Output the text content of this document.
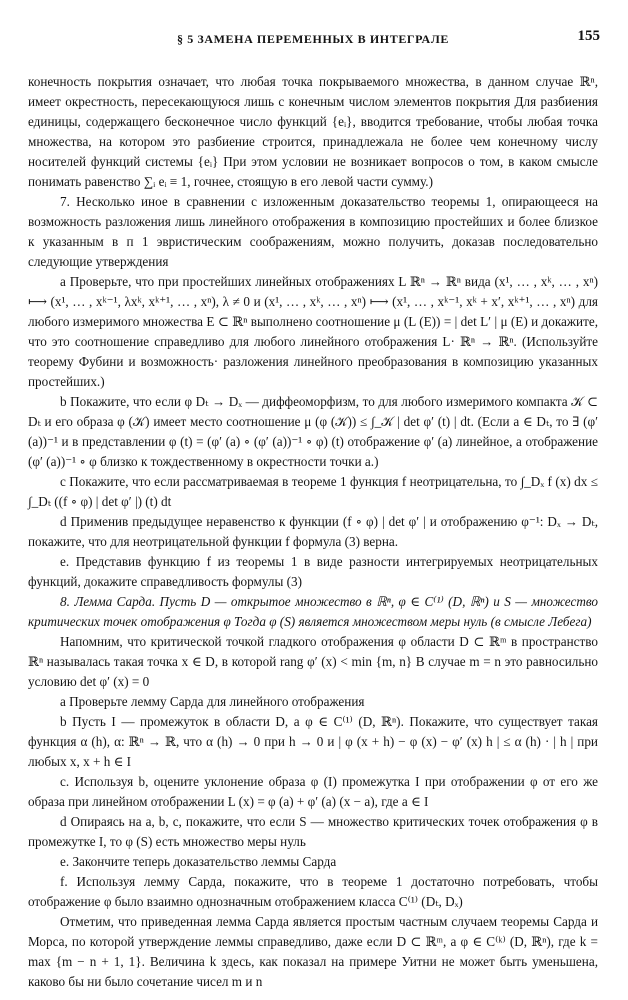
§ 5 ЗАМЕНА ПЕРЕМЕННЫХ В ИНТЕГРАЛЕ	155

конечность покрытия означает, что любая точка покрываемого множества, в данном случае ℝⁿ, имеет окрестность, пересекающуюся лишь с конечным числом элементов покрытия Для разбиения единицы, содержащего бесконечное число функций {eᵢ}, вводится требование, чтобы любая точка множества, на котором это разбиение строится, принадлежала не более чем конечному числу носителей функций системы {eᵢ} При этом условии не возникает вопросов о том, в каком смысле понимать равенство ∑ᵢ eᵢ ≡ 1, гочнее, стоящую в его левой части сумму.)

7. Несколько иное в сравнении с изложенным доказательство теоремы 1, опирающееся на возможность разложения лишь линейного отображения в композицию простейших и более близкое к указанным в п 1 эвристическим соображениям, можно получить, доказав последовательно следующие утверждения

a Проверьте, что при простейших линейных отображениях L ℝⁿ → ℝⁿ вида (x¹, … , xᵏ, … , xⁿ) ⟼ (x¹, … , xᵏ⁻¹, λxᵏ, xᵏ⁺¹, … , xⁿ), λ ≠ 0 и (x¹, … , xᵏ, … , xⁿ) ⟼ (x¹, … , xᵏ⁻¹, xᵏ + x′, xᵏ⁺¹, … , xⁿ) для любого измеримого множества E ⊂ ℝⁿ выполнено соотношение μ (L (E)) = | det L′ | μ (E) и докажите, что это соотношение справедливо для любого линейного отображения L· ℝⁿ → ℝⁿ. (Используйте теорему Фубини и возможность· разложения линейного преобразования в композицию указанных простейших.)

b Покажите, что если φ Dₜ → Dₓ — диффеоморфизм, то для любого измеримого компакта 𝒦 ⊂ Dₜ и его образа φ (𝒦) имеет место соотношение μ (φ (𝒦)) ≤ ∫_𝒦 | det φ′ (t) | dt. (Если a ∈ Dₜ, то ∃ (φ′ (a))⁻¹ и в представлении φ (t) = (φ′ (a) ∘ (φ′ (a))⁻¹ ∘ φ) (t) отображение φ′ (a) линейное, а отображение (φ′ (a))⁻¹ ∘ φ близко к тождественному в окрестности точки a.)

c Покажите, что если рассматриваемая в теореме 1 функция f неотрицательна, то ∫_Dₓ f (x) dx ≤ ∫_Dₜ ((f ∘ φ) | det φ′ |) (t) dt

d Применив предыдущее неравенство к функции (f ∘ φ) | det φ′ | и отображению φ⁻¹: Dₓ → Dₜ, покажите, что для неотрицательной функции f формула (3) верна.

e. Представив функцию f из теоремы 1 в виде разности интегрируемых неотрицательных функций, докажите справедливость формулы (3)

8. Лемма Сарда. Пусть D — открытое множество в ℝⁿ, φ ∈ C⁽¹⁾ (D, ℝⁿ) и S — множество критических точек отображения φ Тогда φ (S) является множеством меры нуль (в смысле Лебега)

Напомним, что критической точкой гладкого отображения φ области D ⊂ ℝᵐ в пространство ℝⁿ называлась такая точка x ∈ D, в которой rang φ′ (x) < min {m, n} В случае m = n это равносильно условию det φ′ (x) = 0

a Проверьте лемму Сарда для линейного отображения

b Пусть I — промежуток в области D, а φ ∈ C⁽¹⁾ (D, ℝⁿ). Покажите, что существует такая функция α (h), α: ℝⁿ → ℝ, что α (h) → 0 при h → 0 и | φ (x + h) − φ (x) − φ′ (x) h | ≤ α (h) · | h | при любых x, x + h ∈ I

c. Используя b, оцените уклонение образа φ (I) промежутка I при отображении φ от его же образа при линейном отображении L (x) = φ (a) + φ′ (a) (x − a), где a ∈ I

d Опираясь на a, b, c, покажите, что если S — множество критических точек отображения φ в промежутке I, то φ (S) есть множество меры нуль

e. Закончите теперь доказательство леммы Сарда

f. Используя лемму Сарда, покажите, что в теореме 1 достаточно потребовать, чтобы отображение φ было взаимно однозначным отображением класса C⁽¹⁾ (Dₜ, Dₓ)

Отметим, что приведенная лемма Сарда является простым частным случаем теоремы Сарда и Морса, по которой утверждение леммы справедливо, даже если D ⊂ ℝᵐ, а φ ∈ C⁽ᵏ⁾ (D, ℝⁿ), где k = max {m − n + 1, 1}. Величина k здесь, как показал на примере Уитни не может быть уменьшена, каково бы ни было сочетание чисел m и n
